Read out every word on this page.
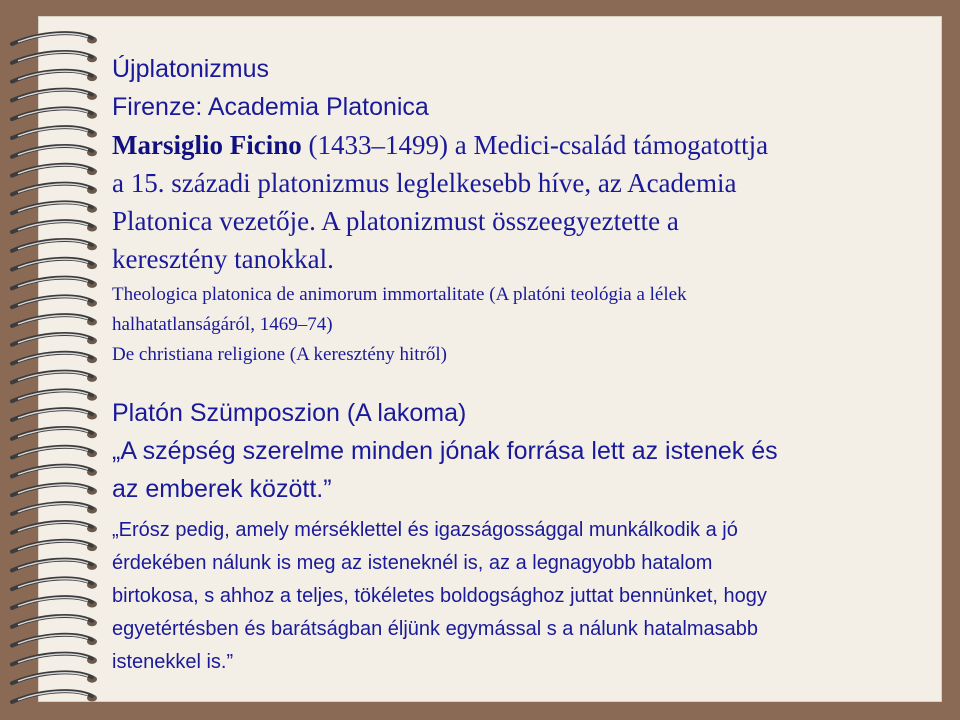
Újplatonizmus

Firenze: Academia Platonica

Marsiglio Ficino (1433–1499) a Medici-család támogatottja

a 15. századi platonizmus leglelkesebb híve, az Academia

Platonica vezetője. A platonizmust összeegyeztette a

keresztény tanokkal.

Theologica platonica de animorum immortalitate (A platóni teológia a lélek

halhatatlanságáról, 1469–74)

De christiana religione (A keresztény hitről)

Platón Szümposzion (A lakoma)

„A szépség szerelme minden jónak forrása lett az istenek és

az emberek között.”

„Erósz pedig, amely mérséklettel és igazságossággal munkálkodik a jó

érdekében nálunk is meg az isteneknél is, az a legnagyobb hatalom

birtokosa, s ahhoz a teljes, tökéletes boldogsághoz juttat bennünket, hogy

egyetértésben és barátságban éljünk egymással s a nálunk hatalmasabb

istenekkel is.”
